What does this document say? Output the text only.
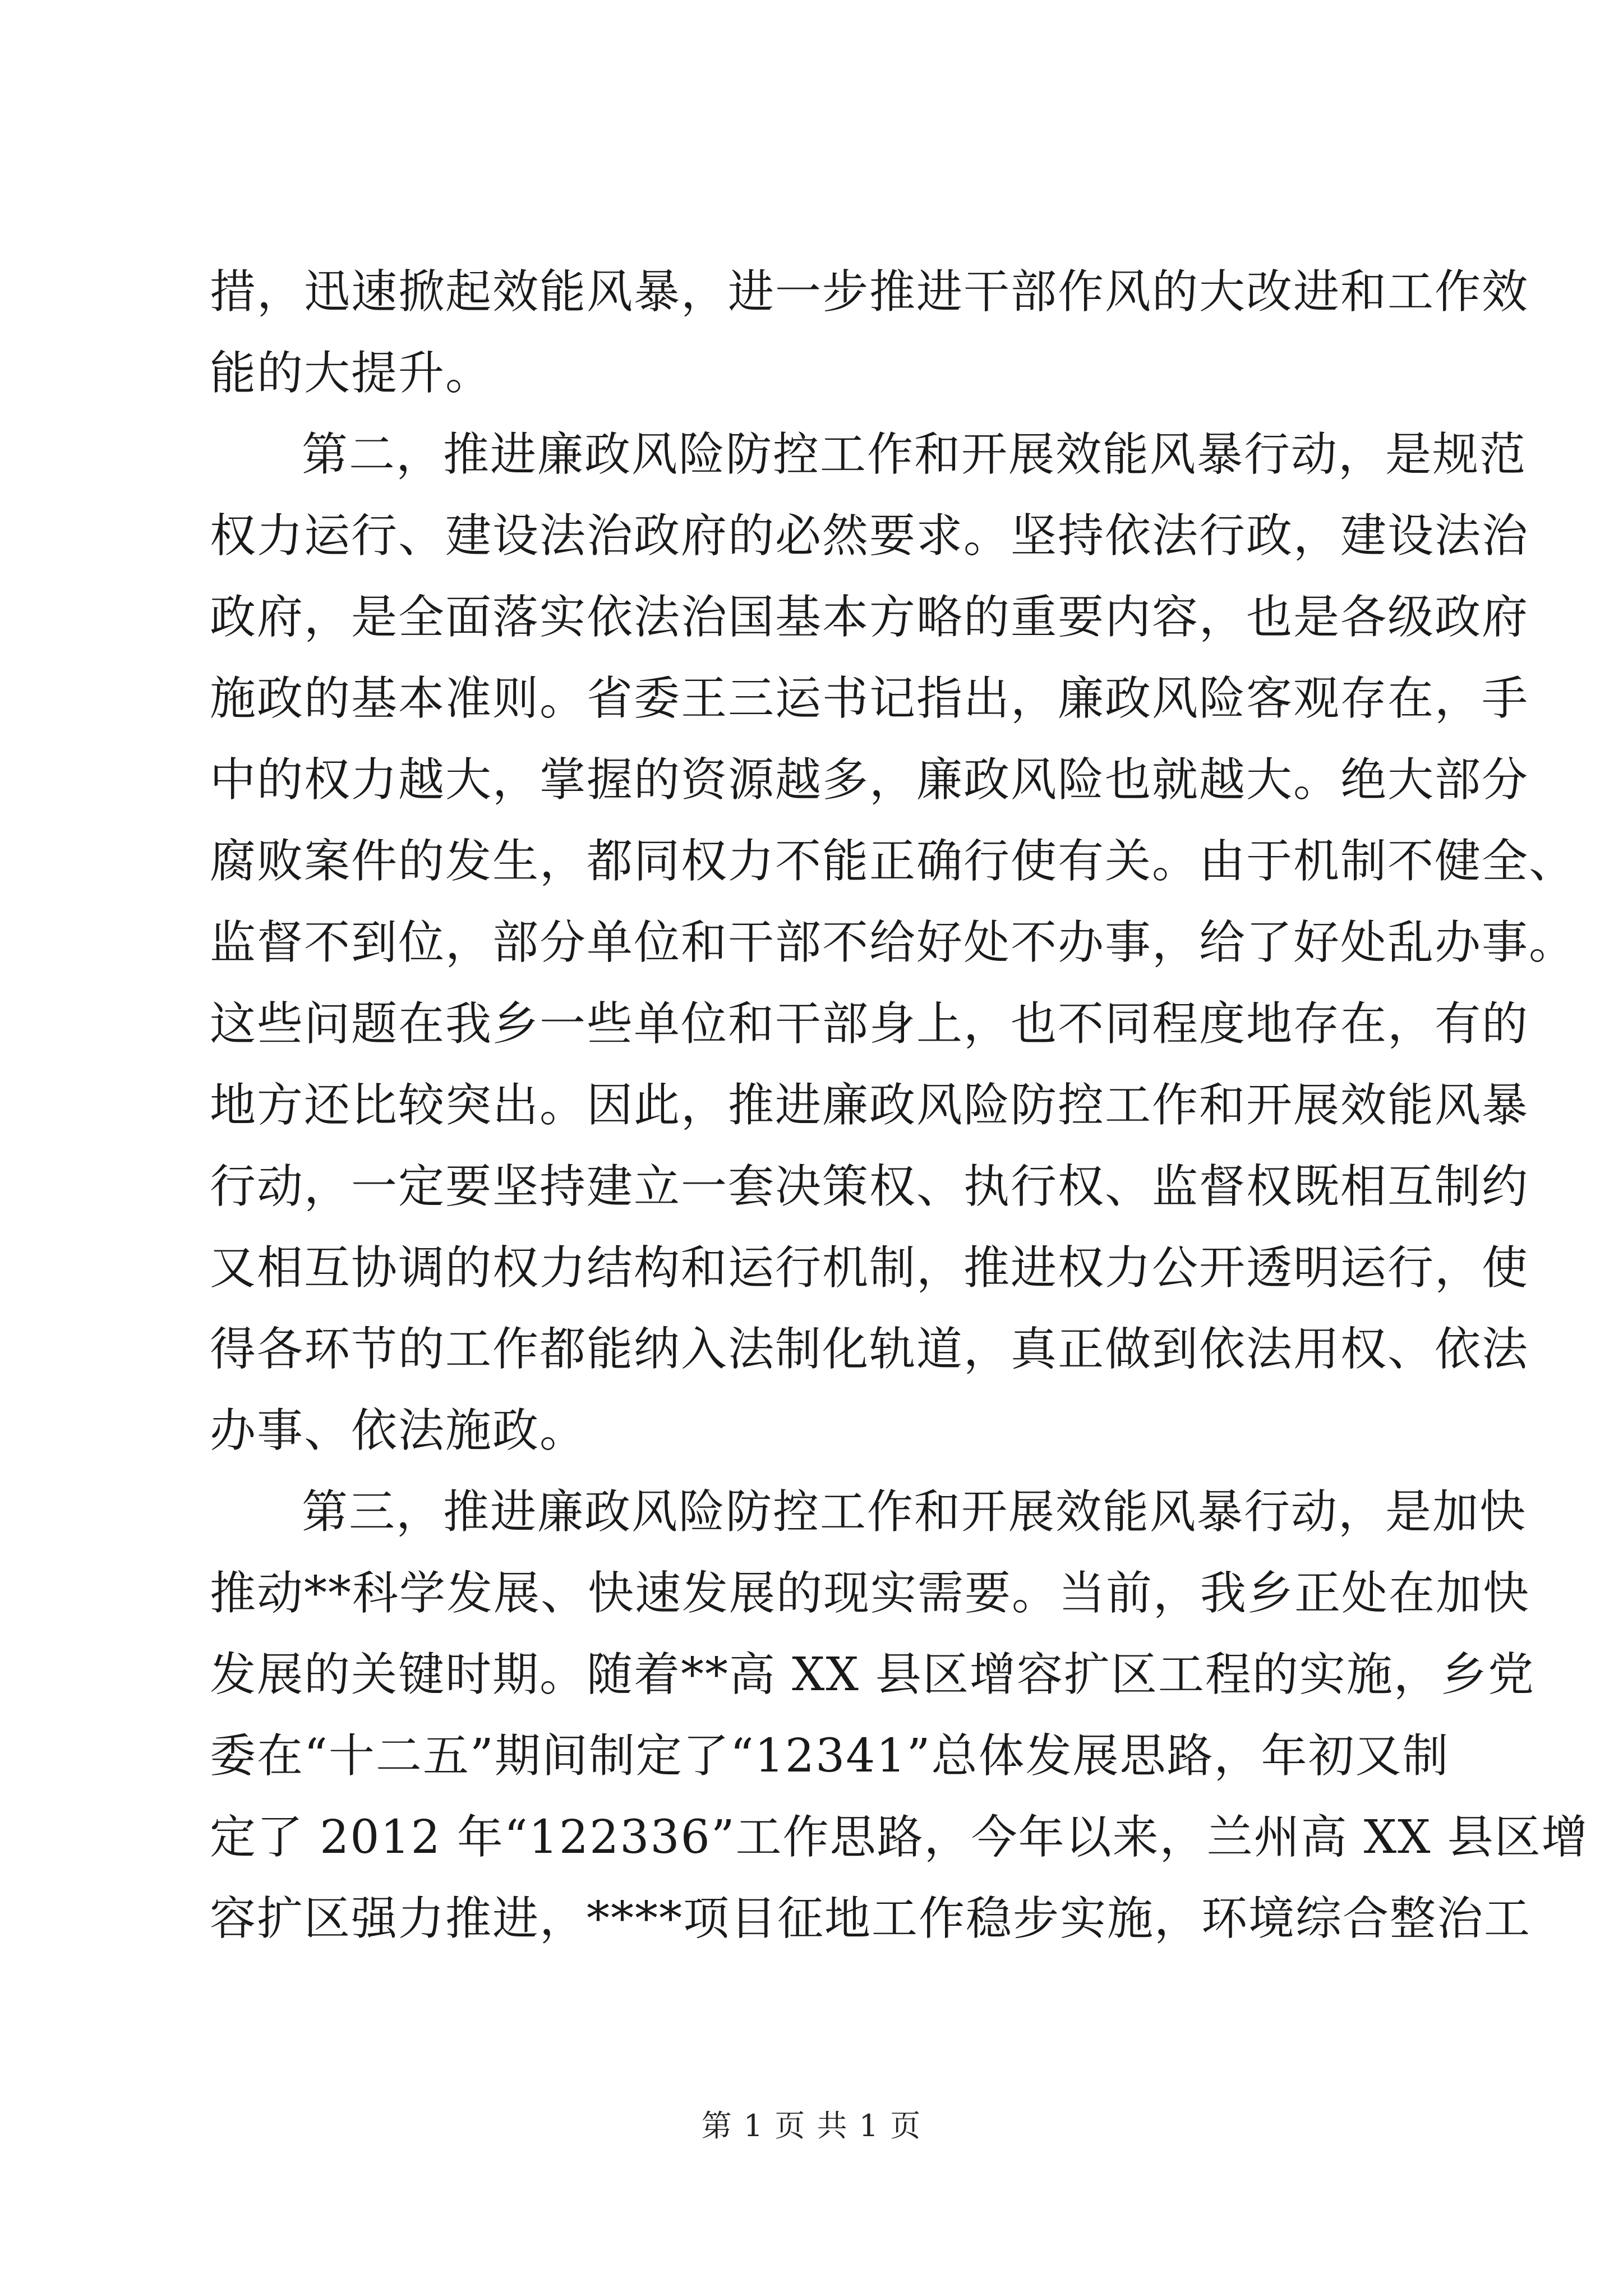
措，迅速掀起效能风暴，进一步推进干部作风的大改进和工作效
能的大提升。
第二，推进廉政风险防控工作和开展效能风暴行动，是规范
权力运行、建设法治政府的必然要求。坚持依法行政，建设法治
政府，是全面落实依法治国基本方略的重要内容，也是各级政府
施政的基本准则。省委王三运书记指出，廉政风险客观存在，手
中的权力越大，掌握的资源越多，廉政风险也就越大。绝大部分
腐败案件的发生，都同权力不能正确行使有关。由于机制不健全、
监督不到位，部分单位和干部不给好处不办事，给了好处乱办事。
这些问题在我乡一些单位和干部身上，也不同程度地存在，有的
地方还比较突出。因此，推进廉政风险防控工作和开展效能风暴
行动，一定要坚持建立一套决策权、执行权、监督权既相互制约
又相互协调的权力结构和运行机制，推进权力公开透明运行，使
得各环节的工作都能纳入法制化轨道，真正做到依法用权、依法
办事、依法施政。
第三，推进廉政风险防控工作和开展效能风暴行动，是加快
推动**科学发展、快速发展的现实需要。当前，我乡正处在加快
发展的关键时期。随着**高 XX 县区增容扩区工程的实施，乡党
委在“十二五”期间制定了“12341”总体发展思路，年初又制
定了 2012 年“122336”工作思路，今年以来，兰州高 XX 县区增
容扩区强力推进，****项目征地工作稳步实施，环境综合整治工
第 1 页 共 1 页
